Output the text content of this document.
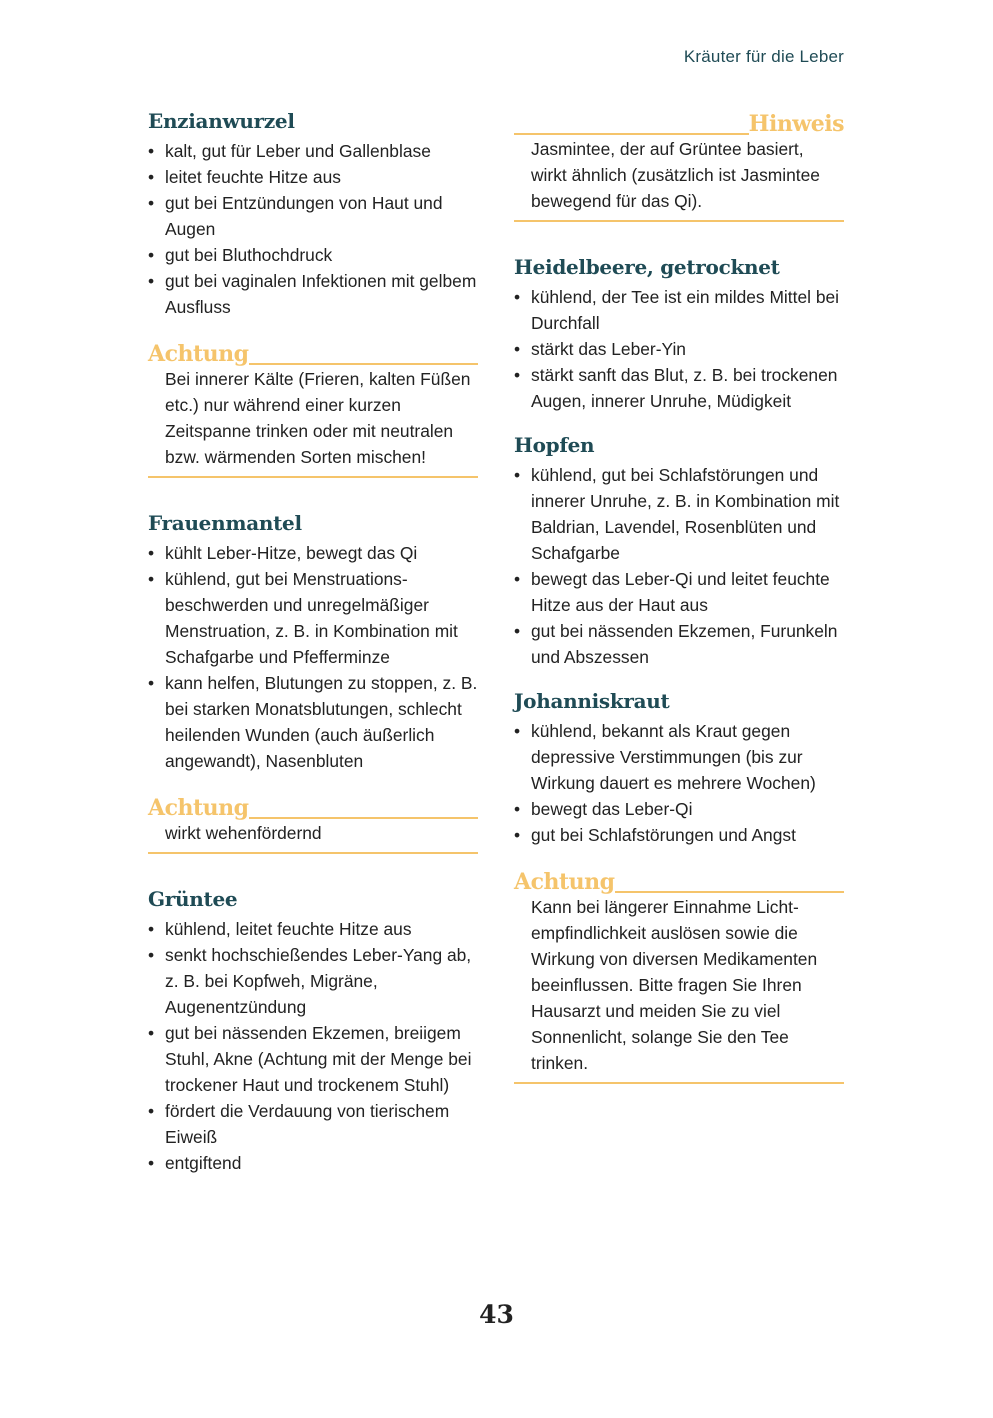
Kräuter für die Leber
Enzianwurzel
• kalt, gut für Leber und Gallenblase
• leitet feuchte Hitze aus
• gut bei Entzündungen von Haut und Augen
• gut bei Bluthochdruck
• gut bei vaginalen Infektionen mit gelbem Ausfluss
Achtung
Bei innerer Kälte (Frieren, kalten Füßen etc.) nur während einer kurzen Zeitspanne trinken oder mit neutralen bzw. wärmenden Sorten mischen!
Frauenmantel
• kühlt Leber-Hitze, bewegt das Qi
• kühlend, gut bei Menstruationsbeschwerden und unregelmäßiger Menstruation, z. B. in Kombination mit Schafgarbe und Pfefferminze
• kann helfen, Blutungen zu stoppen, z. B. bei starken Monatsblutungen, schlecht heilenden Wunden (auch äußerlich angewandt), Nasenbluten
Achtung
wirkt wehenfördernd
Grüntee
• kühlend, leitet feuchte Hitze aus
• senkt hochschießendes Leber-Yang ab, z. B. bei Kopfweh, Migräne, Augenentzündung
• gut bei nässenden Ekzemen, breiigem Stuhl, Akne (Achtung mit der Menge bei trockener Haut und trockenem Stuhl)
• fördert die Verdauung von tierischem Eiweiß
• entgiftend
Hinweis
Jasmintee, der auf Grüntee basiert, wirkt ähnlich (zusätzlich ist Jasmintee bewegend für das Qi).
Heidelbeere, getrocknet
• kühlend, der Tee ist ein mildes Mittel bei Durchfall
• stärkt das Leber-Yin
• stärkt sanft das Blut, z. B. bei trockenen Augen, innerer Unruhe, Müdigkeit
Hopfen
• kühlend, gut bei Schlafstörungen und innerer Unruhe, z. B. in Kombination mit Baldrian, Lavendel, Rosenblüten und Schafgarbe
• bewegt das Leber-Qi und leitet feuchte Hitze aus der Haut aus
• gut bei nässenden Ekzemen, Furunkeln und Abszessen
Johanniskraut
• kühlend, bekannt als Kraut gegen depressive Verstimmungen (bis zur Wirkung dauert es mehrere Wochen)
• bewegt das Leber-Qi
• gut bei Schlafstörungen und Angst
Achtung
Kann bei längerer Einnahme Lichtempfindlichkeit auslösen sowie die Wirkung von diversen Medikamenten beeinflussen. Bitte fragen Sie Ihren Hausarzt und meiden Sie zu viel Sonnenlicht, solange Sie den Tee trinken.
43
